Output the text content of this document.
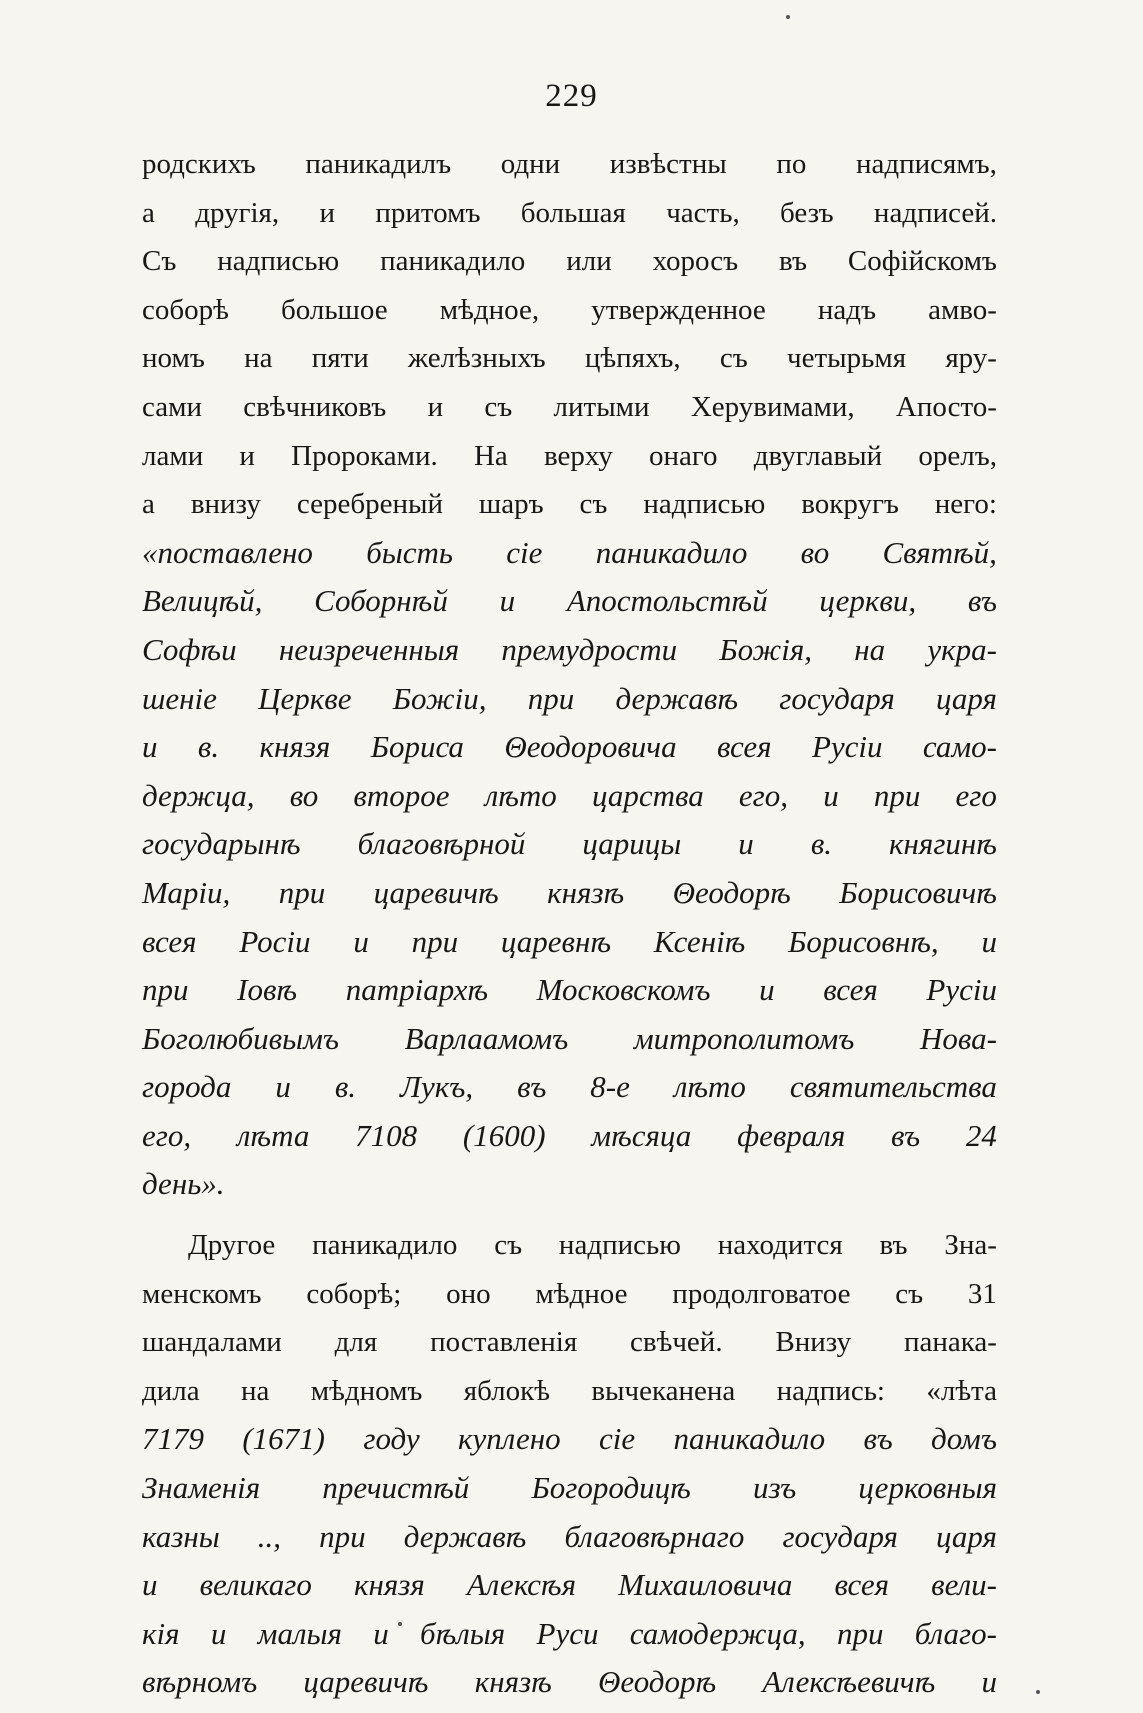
229
родскихъ паникадилъ одни извѣстны по надписямъ,
а другія, и притомъ большая часть, безъ надписей.
Съ надписью паникадило или хоросъ въ Софійскомъ
соборѣ большое мѣдное, утвержденное надъ амво-
номъ на пяти желѣзныхъ цѣпяхъ, съ четырьмя яру-
сами свѣчниковъ и съ литыми Херувимами, Апосто-
лами и Пророками. На верху онаго двуглавый орелъ,
а внизу серебреный шаръ съ надписью вокругъ него:
«поставлено бысть сіе паникадило во Святѣй,
Велицѣй, Соборнѣй и Апостольстѣй церкви, въ
Софѣи неизреченныя премудрости Божія, на укра-
шеніе Церкве Божіи, при державѣ государя царя
и в. князя Бориса Θеодоровича всея Русіи само-
держца, во второе лѣто царства его, и при его
государынѣ благовѣрной царицы и в. княгинѣ
Маріи, при царевичѣ князѣ Θеодорѣ Борисовичѣ
всея Росіи и при царевнѣ Ксеніѣ Борисовнѣ, и
при Іовѣ патріархѣ Московскомъ и всея Русіи
Боголюбивымъ Варлаамомъ митрополитомъ Нова-
города и в. Лукъ, въ 8-е лѣто святительства
его, лѣта 7108 (1600) мѣсяца февраля въ 24
день».
Другое паникадило съ надписью находится въ Зна-
менскомъ соборѣ; оно мѣдное продолговатое съ 31
шандалами для поставленія свѣчей. Внизу панaка-
дила на мѣдномъ яблокѣ вычеканена надпись: «лѣта
7179 (1671) году куплено сіе паникадило въ домъ
Знаменія пречистѣй Богородицѣ изъ церковныя
казны .., при державѣ благовѣрнаго государя царя
и великаго князя Алексѣя Михаиловича всея вели-
кія и малыя и бѣлыя Руси самодержца, при благо-
вѣрномъ царевичѣ князѣ Θеодорѣ Алексѣевичѣ и
